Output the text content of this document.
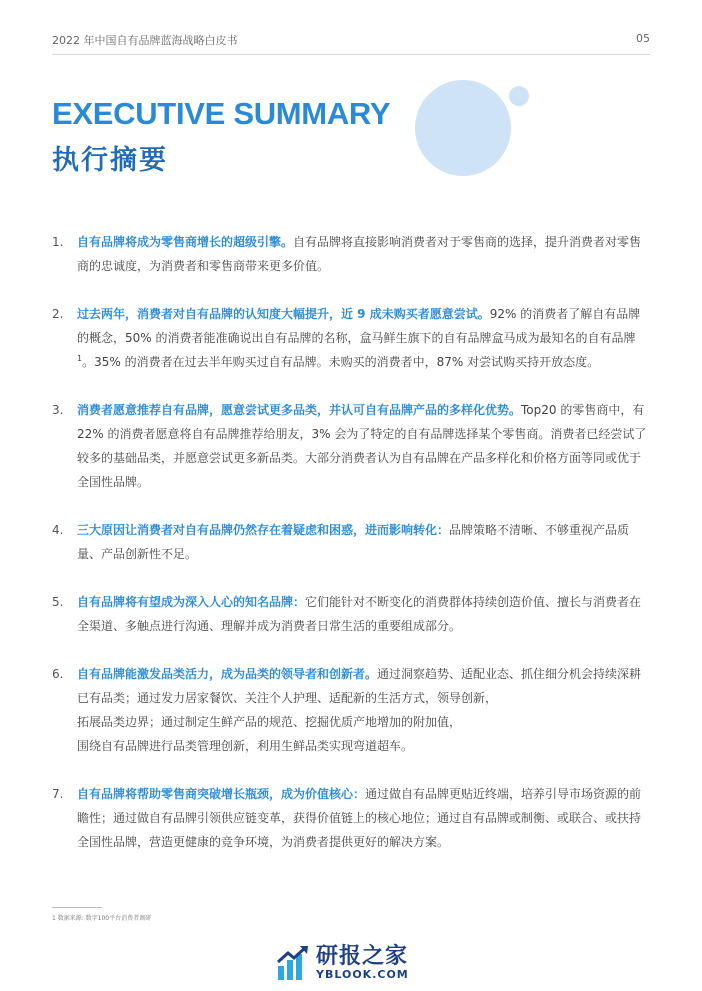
2022 年中国自有品牌蓝海战略白皮书	05
EXECUTIVE SUMMARY
执行摘要
1. 自有品牌将成为零售商增长的超级引擎。自有品牌将直接影响消费者对于零售商的选择，提升消费者对零售商的忠诚度，为消费者和零售商带来更多价值。
2. 过去两年，消费者对自有品牌的认知度大幅提升，近 9 成未购买者愿意尝试。92% 的消费者了解自有品牌的概念，50% 的消费者能准确说出自有品牌的名称，盒马鲜生旗下的自有品牌盒马成为最知名的自有品牌$^1$。35% 的消费者在过去半年购买过自有品牌。未购买的消费者中，87% 对尝试购买持开放态度。
3. 消费者愿意推荐自有品牌，愿意尝试更多品类，并认可自有品牌产品的多样化优势。Top20 的零售商中，有 22% 的消费者愿意将自有品牌推荐给朋友，3% 会为了特定的自有品牌选择某个零售商。消费者已经尝试了较多的基础品类，并愿意尝试更多新品类。大部分消费者认为自有品牌在产品多样化和价格方面等同或优于全国性品牌。
4. 三大原因让消费者对自有品牌仍然存在着疑虑和困惑，进而影响转化：品牌策略不清晰、不够重视产品质量、产品创新性不足。
5. 自有品牌将有望成为深入人心的知名品牌：它们能针对不断变化的消费群体持续创造价值、擅长与消费者在全渠道、多触点进行沟通、理解并成为消费者日常生活的重要组成部分。
6. 自有品牌能激发品类活力，成为品类的领导者和创新者。通过洞察趋势、适配业态、抓住细分机会持续深耕已有品类；通过发力居家餐饮、关注个人护理、适配新的生活方式，领导创新，
拓展品类边界；通过制定生鲜产品的规范、挖掘优质产地增加的附加值，
围绕自有品牌进行品类管理创新，利用生鲜品类实现弯道超车。
7. 自有品牌将帮助零售商突破增长瓶颈，成为价值核心：通过做自有品牌更贴近终端，培养引导市场资源的前瞻性；通过做自有品牌引领供应链变革，获得价值链上的核心地位；通过自有品牌或制衡、或联合、或扶持全国性品牌，营造更健康的竞争环境，为消费者提供更好的解决方案。
1 数据来源: 数字100平台消费者调研
研报之家
YBLOOK.COM
